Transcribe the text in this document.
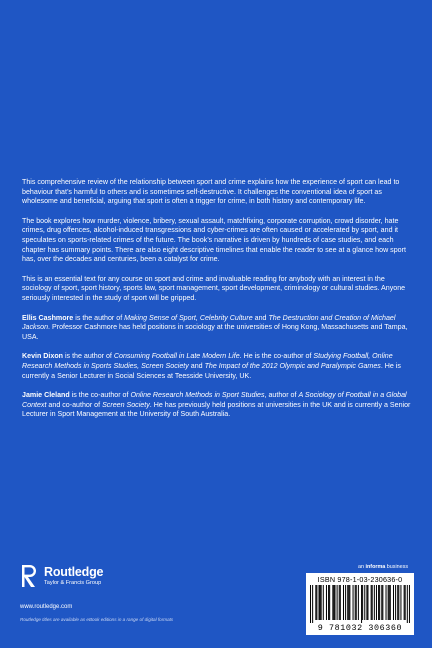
This comprehensive review of the relationship between sport and crime explains how the experience of sport can lead to behaviour that’s harmful to others and is sometimes self-destructive. It challenges the conventional idea of sport as wholesome and beneficial, arguing that sport is often a trigger for crime, in both history and contemporary life.

The book explores how murder, violence, bribery, sexual assault, matchfixing, corporate corruption, crowd disorder, hate crimes, drug offences, alcohol-induced transgressions and cyber-crimes are often caused or accelerated by sport, and it speculates on sports-related crimes of the future. The book’s narrative is driven by hundreds of case studies, and each chapter has summary points. There are also eight descriptive timelines that enable the reader to see at a glance how sport has, over the decades and centuries, been a catalyst for crime.

This is an essential text for any course on sport and crime and invaluable reading for anybody with an interest in the sociology of sport, sport history, sports law, sport management, sport development, criminology or cultural studies. Anyone seriously interested in the study of sport will be gripped.

Ellis Cashmore is the author of Making Sense of Sport, Celebrity Culture and The Destruction and Creation of Michael Jackson. Professor Cashmore has held positions in sociology at the universities of Hong Kong, Massachusetts and Tampa, USA.

Kevin Dixon is the author of Consuming Football in Late Modern Life. He is the co-author of Studying Football, Online Research Methods in Sports Studies, Screen Society and The Impact of the 2012 Olympic and Paralympic Games. He is currently a Senior Lecturer in Social Sciences at Teesside University, UK.

Jamie Cleland is the co-author of Online Research Methods in Sport Studies, author of A Sociology of Football in a Global Context and co-author of Screen Society. He has previously held positions at universities in the UK and is currently a Senior Lecturer in Sport Management at the University of South Australia.

Routledge
Taylor & Francis Group
www.routledge.com
Routledge titles are available as eBook editions in a range of digital formats
an informa business
ISBN 978-1-03-230636-0
9 781032 306360
